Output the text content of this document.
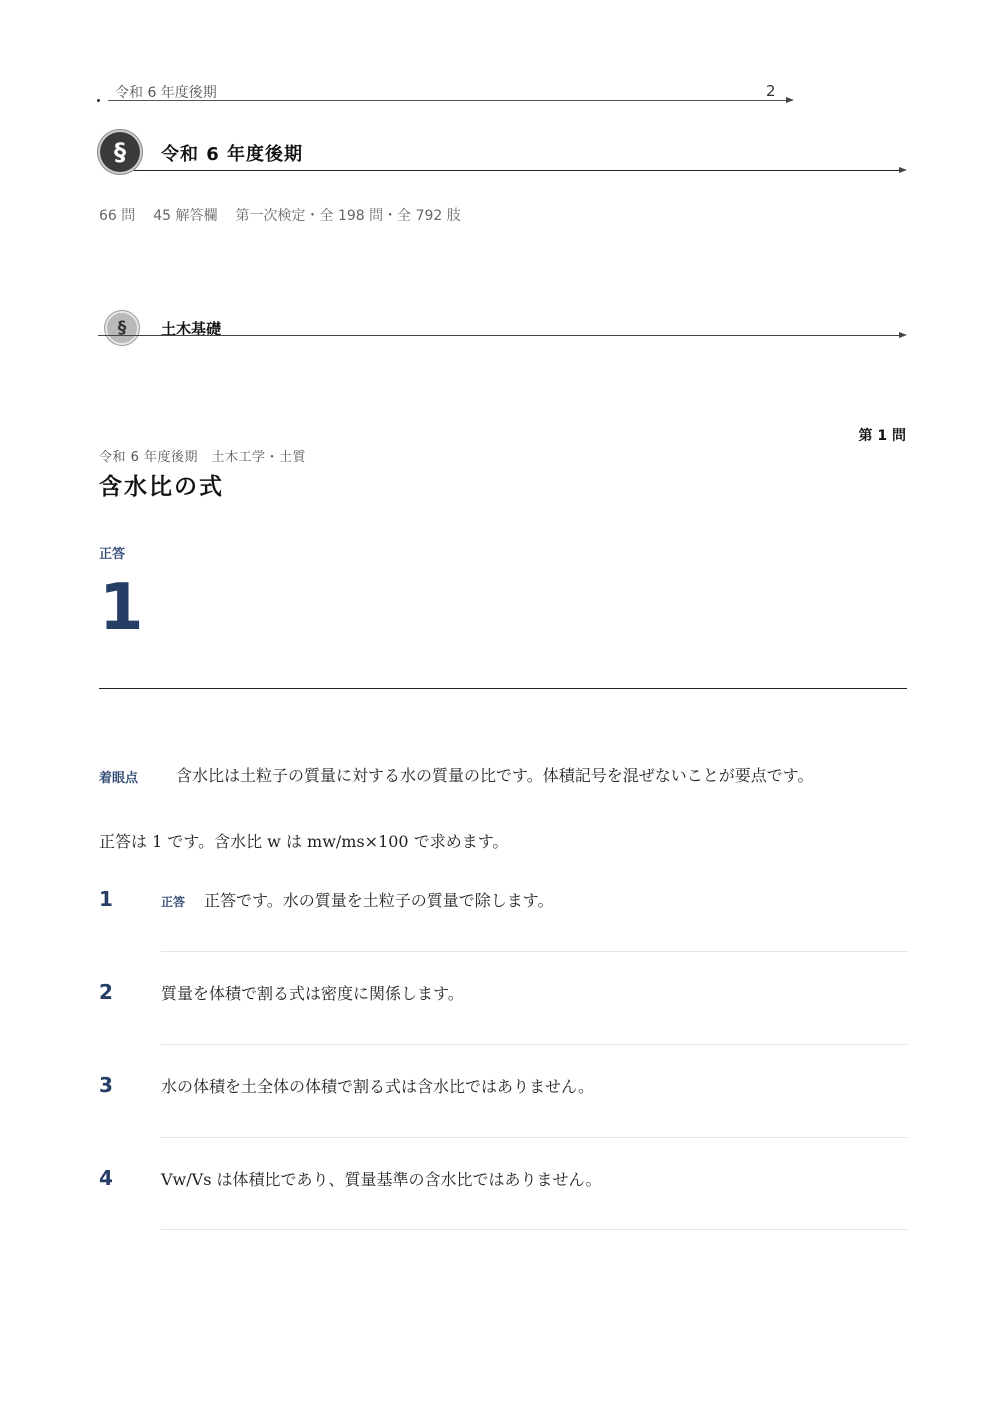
令和 6 年度後期	2
§ 令和 6 年度後期
66 問 45 解答欄 第一次検定・全 198 問・全 792 肢
§ 土木基礎
第 1 問
令和 6 年度後期　土木工学・土質
含水比の式
正答
1
着眼点 含水比は土粒子の質量に対する水の質量の比です。体積記号を混ぜないことが要点です。
正答は 1 です。含水比 w は mw/ms×100 で求めます。
1	正答 正答です。水の質量を土粒子の質量で除します。
2	質量を体積で割る式は密度に関係します。
3	水の体積を土全体の体積で割る式は含水比ではありません。
4	Vw/Vs は体積比であり、質量基準の含水比ではありません。
